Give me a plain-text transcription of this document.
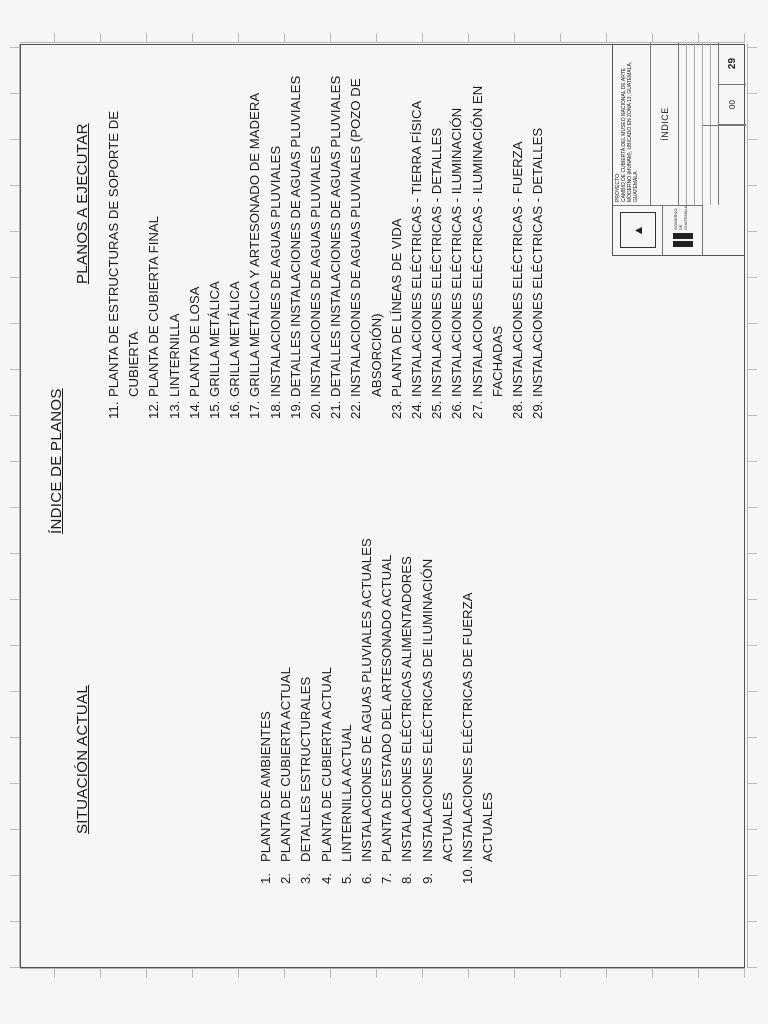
ÍNDICE DE PLANOS
SITUACIÓN ACTUAL
PLANOS A EJECUTAR
1.
PLANTA DE AMBIENTES
2.
PLANTA DE CUBIERTA ACTUAL
3.
DETALLES ESTRUCTURALES
4.
PLANTA DE CUBIERTA ACTUAL
5.
LINTERNILLA ACTUAL
6.
INSTALACIONES DE AGUAS PLUVIALES ACTUALES
7.
PLANTA DE ESTADO DEL ARTESONADO ACTUAL
8.
INSTALACIONES ELÉCTRICAS ALIMENTADORES
9.
INSTALACIONES ELÉCTRICAS DE ILUMINACIÓN ACTUALES
10.
INSTALACIONES ELÉCTRICAS DE FUERZA ACTUALES
11.
PLANTA DE ESTRUCTURAS DE SOPORTE DE CUBIERTA
12.
PLANTA DE CUBIERTA FINAL
13.
LINTERNILLA
14.
PLANTA DE LOSA
15.
GRILLA METÁLICA
16.
GRILLA METÁLICA
17.
GRILLA METÁLICA Y ARTESONADO DE MADERA
18.
INSTALACIONES DE AGUAS PLUVIALES
19.
DETALLES INSTALACIONES DE AGUAS PLUVIALES
20.
INSTALACIONES DE AGUAS PLUVIALES
21.
DETALLES INSTALACIONES DE AGUAS PLUVIALES
22.
INSTALACIONES DE AGUAS PLUVIALES (POZO DE ABSORCIÓN)
23.
PLANTA DE LÍNEAS DE VIDA
24.
INSTALACIONES ELÉCTRICAS - TIERRA FÍSICA
25.
INSTALACIONES ELÉCTRICAS - DETALLES
26.
INSTALACIONES ELÉCTRICAS - ILUMINACIÓN
27.
INSTALACIONES ELÉCTRICAS - ILUMINACIÓN EN FACHADAS
28.
INSTALACIONES ELÉCTRICAS - FUERZA
29.
INSTALACIONES ELÉCTRICAS - DETALLES	▲
GOBIERNO DE GUATEMALA
PROYECTO: CAMBIO DE CUBIERTA DEL MUSEO NACIONAL DE ARTE MODERNO (MUNAM), UBICADO EN ZONA 13, GUATEMALA, GUATEMALA.
ÍNDICE
00
29
